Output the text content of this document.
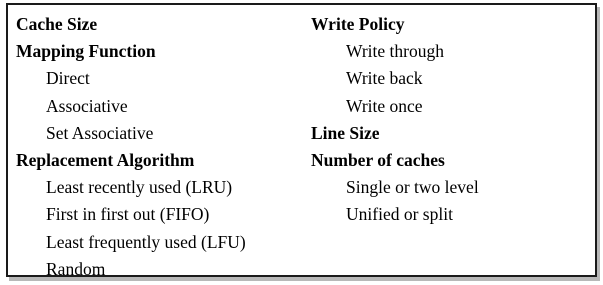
Cache Size
Mapping Function
Direct
Associative
Set Associative
Replacement Algorithm
Least recently used (LRU)
First in first out (FIFO)
Least frequently used (LFU)
Random
Write Policy
Write through
Write back
Write once
Line Size
Number of caches
Single or two level
Unified or split
